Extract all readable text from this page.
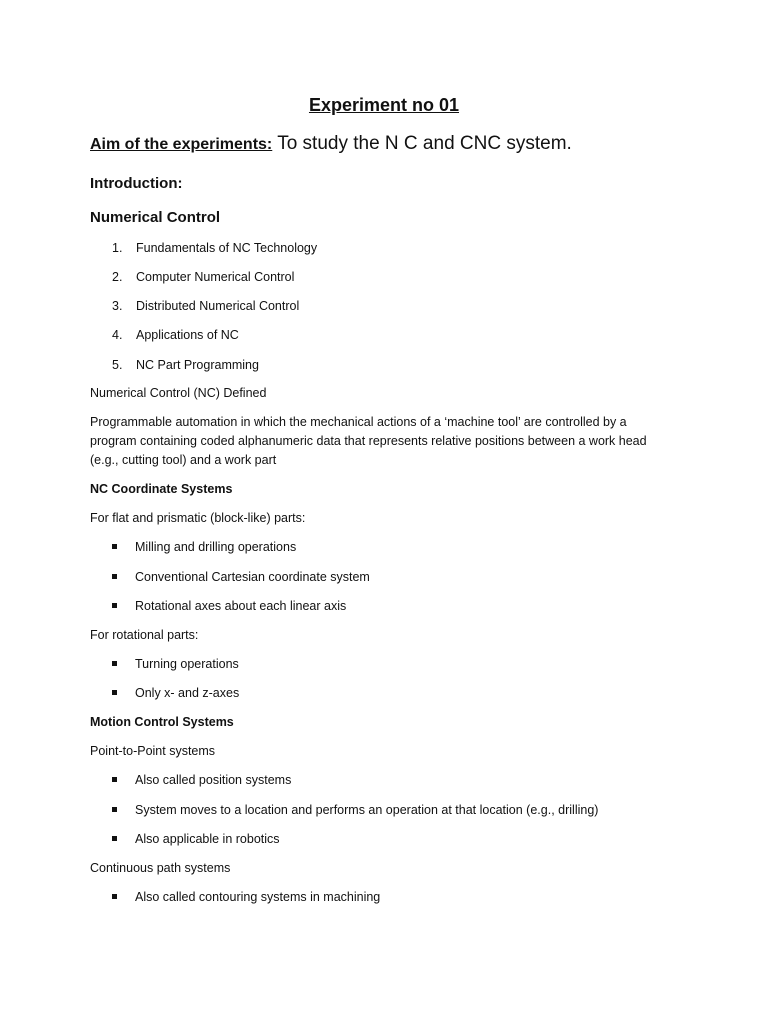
Experiment no 01
Aim of the experiments: To study the N C and CNC system.
Introduction:
Numerical Control
1. Fundamentals of NC Technology
2. Computer Numerical Control
3. Distributed Numerical Control
4. Applications of NC
5. NC Part Programming
Numerical Control (NC) Defined
Programmable automation in which the mechanical actions of a ‘machine tool’ are controlled by a
program containing coded alphanumeric data that represents relative positions between a work head
(e.g., cutting tool) and a work part
NC Coordinate Systems
For flat and prismatic (block-like) parts:
Milling and drilling operations
Conventional Cartesian coordinate system
Rotational axes about each linear axis
For rotational parts:
Turning operations
Only x- and z-axes
Motion Control Systems
Point-to-Point systems
Also called position systems
System moves to a location and performs an operation at that location (e.g., drilling)
Also applicable in robotics
Continuous path systems
Also called contouring systems in machining
